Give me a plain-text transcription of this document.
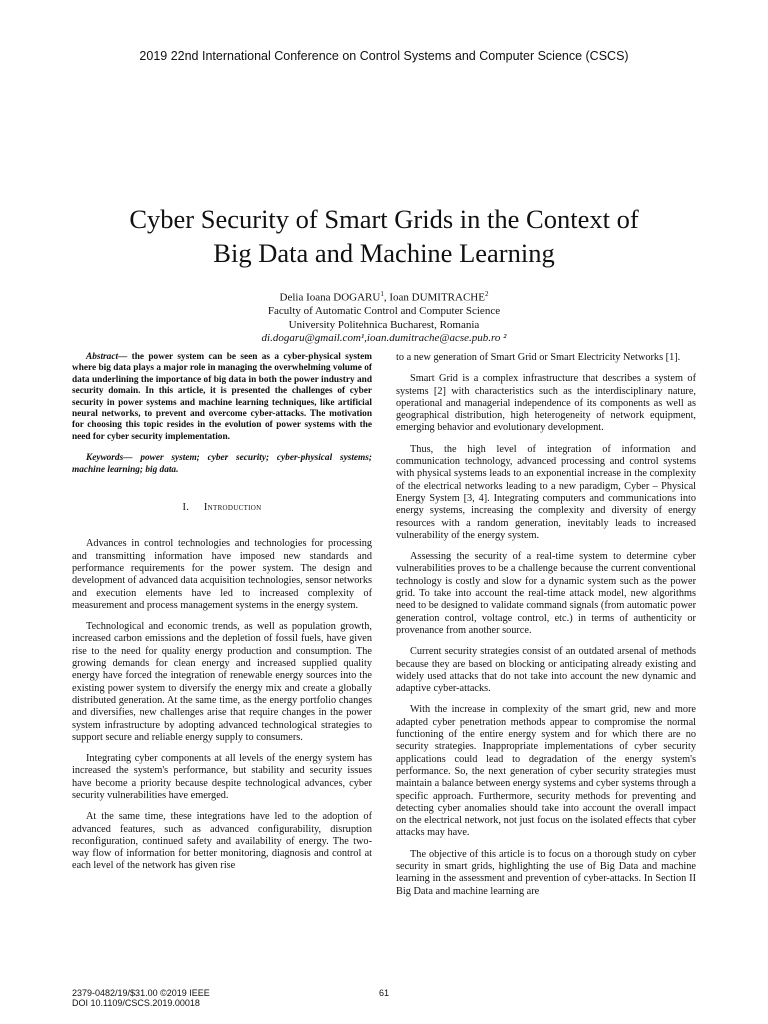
2019 22nd International Conference on Control Systems and Computer Science (CSCS)
Cyber Security of Smart Grids in the Context of
Big Data and Machine Learning
Delia Ioana DOGARU$^1$, Ioan DUMITRACHE$^2$
Faculty of Automatic Control and Computer Science
University Politehnica Bucharest, Romania
di.dogaru@gmail.com¹,ioan.dumitrache@acse.pub.ro ²

Abstract— the power system can be seen as a cyber-physical system where big data plays a major role in managing the overwhelming volume of data underlining the importance of big data in both the power industry and security domain. In this article, it is presented the challenges of cyber security in power systems and machine learning techniques, like artificial neural networks, to prevent and overcome cyber-attacks. The motivation for choosing this topic resides in the evolution of power systems with the need for cyber security implementation.

Keywords— power system; cyber security; cyber-physical systems; machine learning; big data.

I. Introduction

Advances in control technologies and technologies for processing and transmitting information have imposed new standards and performance requirements for the power system. The design and development of advanced data acquisition technologies, sensor networks and execution elements have led to increased complexity of measurement and process management systems in the energy system.

Technological and economic trends, as well as population growth, increased carbon emissions and the depletion of fossil fuels, have given rise to the need for quality energy production and consumption. The growing demands for clean energy and increased supplied quality energy have forced the integration of renewable energy sources into the existing power system to diversify the energy mix and create a globally distributed generation. At the same time, as the energy portfolio changes and diversifies, new challenges arise that require changes in the power system infrastructure by adopting advanced technological strategies to support secure and reliable energy supply to consumers.

Integrating cyber components at all levels of the energy system has increased the system's performance, but stability and security issues have become a priority because despite technological advances, cyber security vulnerabilities have emerged.

At the same time, these integrations have led to the adoption of advanced features, such as advanced configurability, disruption reconfiguration, continued safety and availability of energy. The two-way flow of information for better monitoring, diagnosis and control at each level of the network has given rise

to a new generation of Smart Grid or Smart Electricity Networks [1].

Smart Grid is a complex infrastructure that describes a system of systems [2] with characteristics such as the interdisciplinary nature, operational and managerial independence of its components as well as geographical distribution, high heterogeneity of network equipment, emerging behavior and evolutionary development.

Thus, the high level of integration of information and communication technology, advanced processing and control systems with physical systems leads to an exponential increase in the complexity of the electrical networks leading to a new paradigm, Cyber – Physical Energy System [3, 4]. Integrating computers and communications into energy systems, increasing the complexity and diversity of energy resources with a random generation, inevitably leads to increased vulnerability of the energy system.

Assessing the security of a real-time system to determine cyber vulnerabilities proves to be a challenge because the current conventional technology is costly and slow for a dynamic system such as the power grid. To take into account the real-time attack model, new algorithms need to be designed to validate command signals (from automatic power generation control, voltage control, etc.) in terms of authenticity or provenance from another source.

Current security strategies consist of an outdated arsenal of methods because they are based on blocking or anticipating already existing and widely used attacks that do not take into account the new dynamic and adaptive cyber-attacks.

With the increase in complexity of the smart grid, new and more adapted cyber penetration methods appear to compromise the normal functioning of the entire energy system and for which there are no security strategies. Inappropriate implementations of cyber security applications could lead to degradation of the energy system's performance. So, the next generation of cyber security strategies must maintain a balance between energy systems and cyber systems through a specific approach. Furthermore, security methods for preventing and detecting cyber anomalies should take into account the overall impact on the electrical network, not just focus on the isolated effects that cyber attacks may have.

The objective of this article is to focus on a thorough study on cyber security in smart grids, highlighting the use of Big Data and machine learning in the assessment and prevention of cyber-attacks. In Section II Big Data and machine learning are

2379-0482/19/$31.00 ©2019 IEEE
DOI 10.1109/CSCS.2019.00018
61
